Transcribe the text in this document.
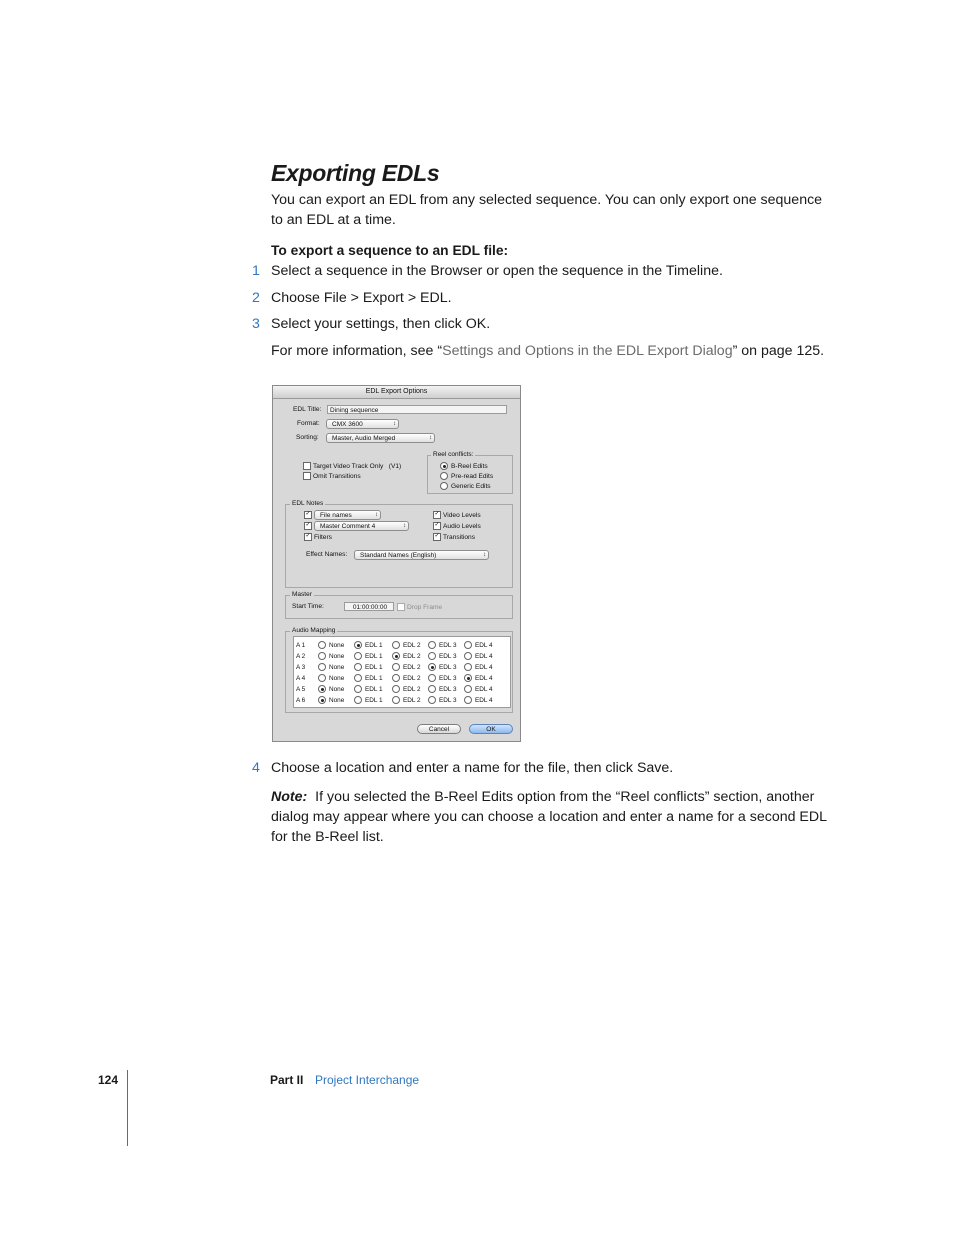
Exporting EDLs
You can export an EDL from any selected sequence. You can only export one sequence to an EDL at a time.
To export a sequence to an EDL file:
1 Select a sequence in the Browser or open the sequence in the Timeline.
2 Choose File > Export > EDL.
3 Select your settings, then click OK.
For more information, see “Settings and Options in the EDL Export Dialog” on page 125.
EDL Export Options
EDL Title:	Dining sequence
Format:	CMX 3600	↕
Sorting:	Master, Audio Merged	↕
Target Video Track Only (V1)
Omit Transitions
Reel conflicts:
B-Reel Edits
Pre-read Edits
Generic Edits
EDL Notes
✓	File names	↕
✓	Master Comment 4	↕
✓ Filters
✓ Video Levels
✓ Audio Levels
✓ Transitions
Effect Names:	Standard Names (English)	↕
Master
Start Time:	01:00:00:00	Drop Frame
Audio Mapping
A 1	None	EDL 1	EDL 2	EDL 3	EDL 4
A 2	None	EDL 1	EDL 2	EDL 3	EDL 4
A 3	None	EDL 1	EDL 2	EDL 3	EDL 4
A 4	None	EDL 1	EDL 2	EDL 3	EDL 4
A 5	None	EDL 1	EDL 2	EDL 3	EDL 4
A 6	None	EDL 1	EDL 2	EDL 3	EDL 4
Cancel	OK
4 Choose a location and enter a name for the file, then click Save.
Note: If you selected the B-Reel Edits option from the “Reel conflicts” section, another dialog may appear where you can choose a location and enter a name for a second EDL for the B-Reel list.
124	Part II Project Interchange
